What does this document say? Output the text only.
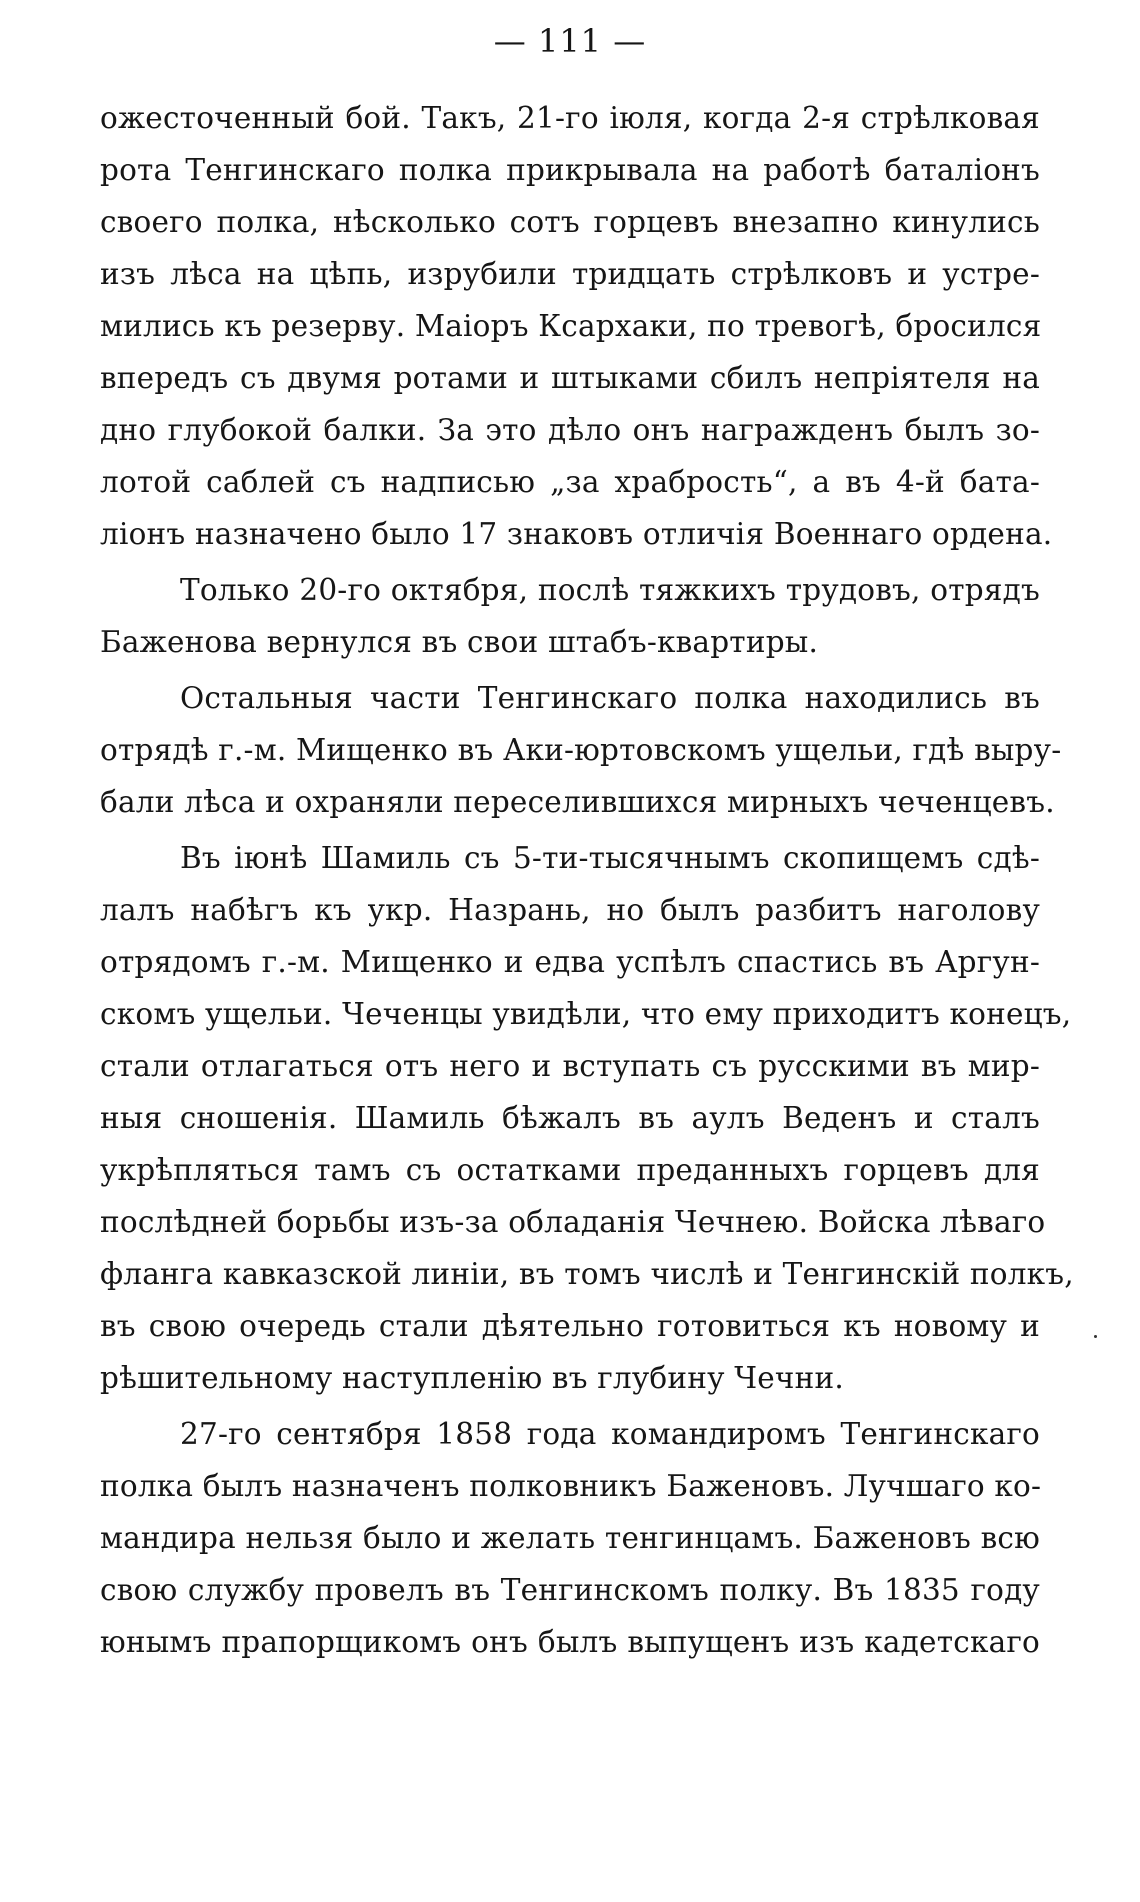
— 111 —
ожесточенный бой. Такъ, 21-го іюля, когда 2-я стрѣлковая
рота Тенгинскаго полка прикрывала на работѣ баталіонъ
своего полка, нѣсколько сотъ горцевъ внезапно кинулись
изъ лѣса на цѣпь, изрубили тридцать стрѣлковъ и устре-
мились къ резерву. Маіоръ Ксархаки, по тревогѣ, бросился
впередъ съ двумя ротами и штыками сбилъ непріятеля на
дно глубокой балки. За это дѣло онъ награжденъ былъ зо-
лотой саблей съ надписью „за храбрость“, а въ 4-й бата-
ліонъ назначено было 17 знаковъ отличія Военнаго ордена.
Только 20-го октября, послѣ тяжкихъ трудовъ, отрядъ
Баженова вернулся въ свои штабъ-квартиры.
Остальныя части Тенгинскаго полка находились въ
отрядѣ г.-м. Мищенко въ Аки-юртовскомъ ущельи, гдѣ выру-
бали лѣса и охраняли переселившихся мирныхъ чеченцевъ.
Въ іюнѣ Шамиль съ 5-ти-тысячнымъ скопищемъ сдѣ-
лалъ набѣгъ къ укр. Назрань, но былъ разбитъ наголову
отрядомъ г.-м. Мищенко и едва успѣлъ спастись въ Аргун-
скомъ ущельи. Чеченцы увидѣли, что ему приходитъ конецъ,
стали отлагаться отъ него и вступать съ русскими въ мир-
ныя сношенія. Шамиль бѣжалъ въ аулъ Веденъ и сталъ
укрѣпляться тамъ съ остатками преданныхъ горцевъ для
послѣдней борьбы изъ-за обладанія Чечнею. Войска лѣваго
фланга кавказской линіи, въ томъ числѣ и Тенгинскій полкъ,
въ свою очередь стали дѣятельно готовиться къ новому и
рѣшительному наступленію въ глубину Чечни.
27-го сентября 1858 года командиромъ Тенгинскаго
полка былъ назначенъ полковникъ Баженовъ. Лучшаго ко-
мандира нельзя было и желать тенгинцамъ. Баженовъ всю
свою службу провелъ въ Тенгинскомъ полку. Въ 1835 году
юнымъ прапорщикомъ онъ былъ выпущенъ изъ кадетскаго
